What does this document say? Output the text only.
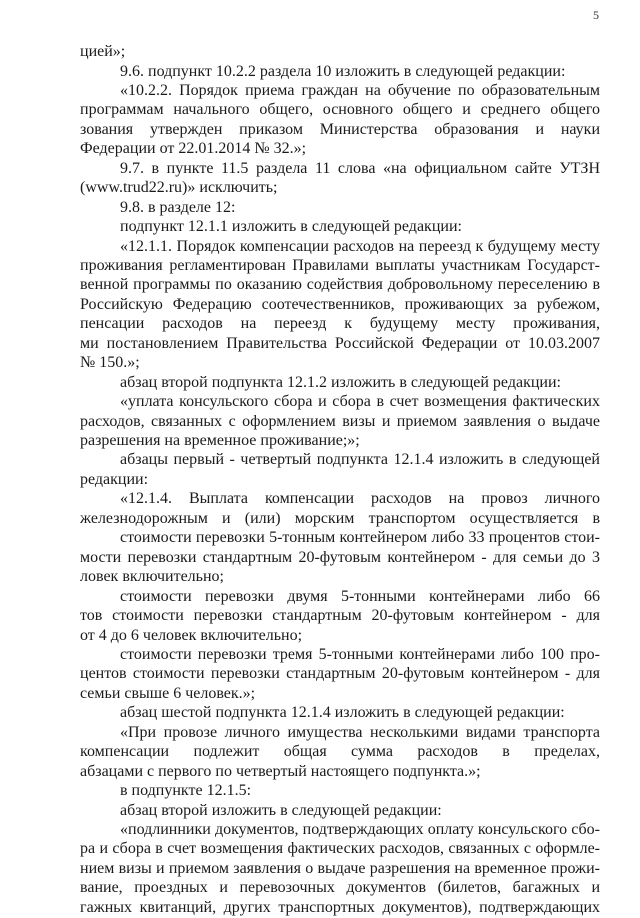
5
цией»;
9.6. подпункт 10.2.2 раздела 10 изложить в следующей редакции:
«10.2.2. Порядок приема граждан на обучение по образовательным
программам начального общего, основного общего и среднего общего
зования утвержден приказом Министерства образования и науки
Федерации от 22.01.2014 № 32.»;
9.7. в пункте 11.5 раздела 11 слова «на официальном сайте УТЗН
(www.trud22.ru)» исключить;
9.8. в разделе 12:
подпункт 12.1.1 изложить в следующей редакции:
«12.1.1. Порядок компенсации расходов на переезд к будущему месту
проживания регламентирован Правилами выплаты участникам Государст-
венной программы по оказанию содействия добровольному переселению в
Российскую Федерацию соотечественников, проживающих за рубежом,
пенсации расходов на переезд к будущему месту проживания,
ми постановлением Правительства Российской Федерации от 10.03.2007
№ 150.»;
абзац второй подпункта 12.1.2 изложить в следующей редакции:
«уплата консульского сбора и сбора в счет возмещения фактических
расходов, связанных с оформлением визы и приемом заявления о выдаче
разрешения на временное проживание;»;
абзацы первый - четвертый подпункта 12.1.4 изложить в следующей
редакции:
«12.1.4. Выплата компенсации расходов на провоз личного
железнодорожным и (или) морским транспортом осуществляется в
стоимости перевозки 5-тонным контейнером либо 33 процентов стои-
мости перевозки стандартным 20-футовым контейнером - для семьи до 3
ловек включительно;
стоимости перевозки двумя 5-тонными контейнерами либо 66
тов стоимости перевозки стандартным 20-футовым контейнером - для
от 4 до 6 человек включительно;
стоимости перевозки тремя 5-тонными контейнерами либо 100 про-
центов стоимости перевозки стандартным 20-футовым контейнером - для
семьи свыше 6 человек.»;
абзац шестой подпункта 12.1.4 изложить в следующей редакции:
«При провозе личного имущества несколькими видами транспорта
компенсации подлежит общая сумма расходов в пределах,
абзацами с первого по четвертый настоящего подпункта.»;
в подпункте 12.1.5:
абзац второй изложить в следующей редакции:
«подлинники документов, подтверждающих оплату консульского сбо-
ра и сбора в счет возмещения фактических расходов, связанных с оформле-
нием визы и приемом заявления о выдаче разрешения на временное прожи-
вание, проездных и перевозочных документов (билетов, багажных и
гажных квитанций, других транспортных документов), подтверждающих
